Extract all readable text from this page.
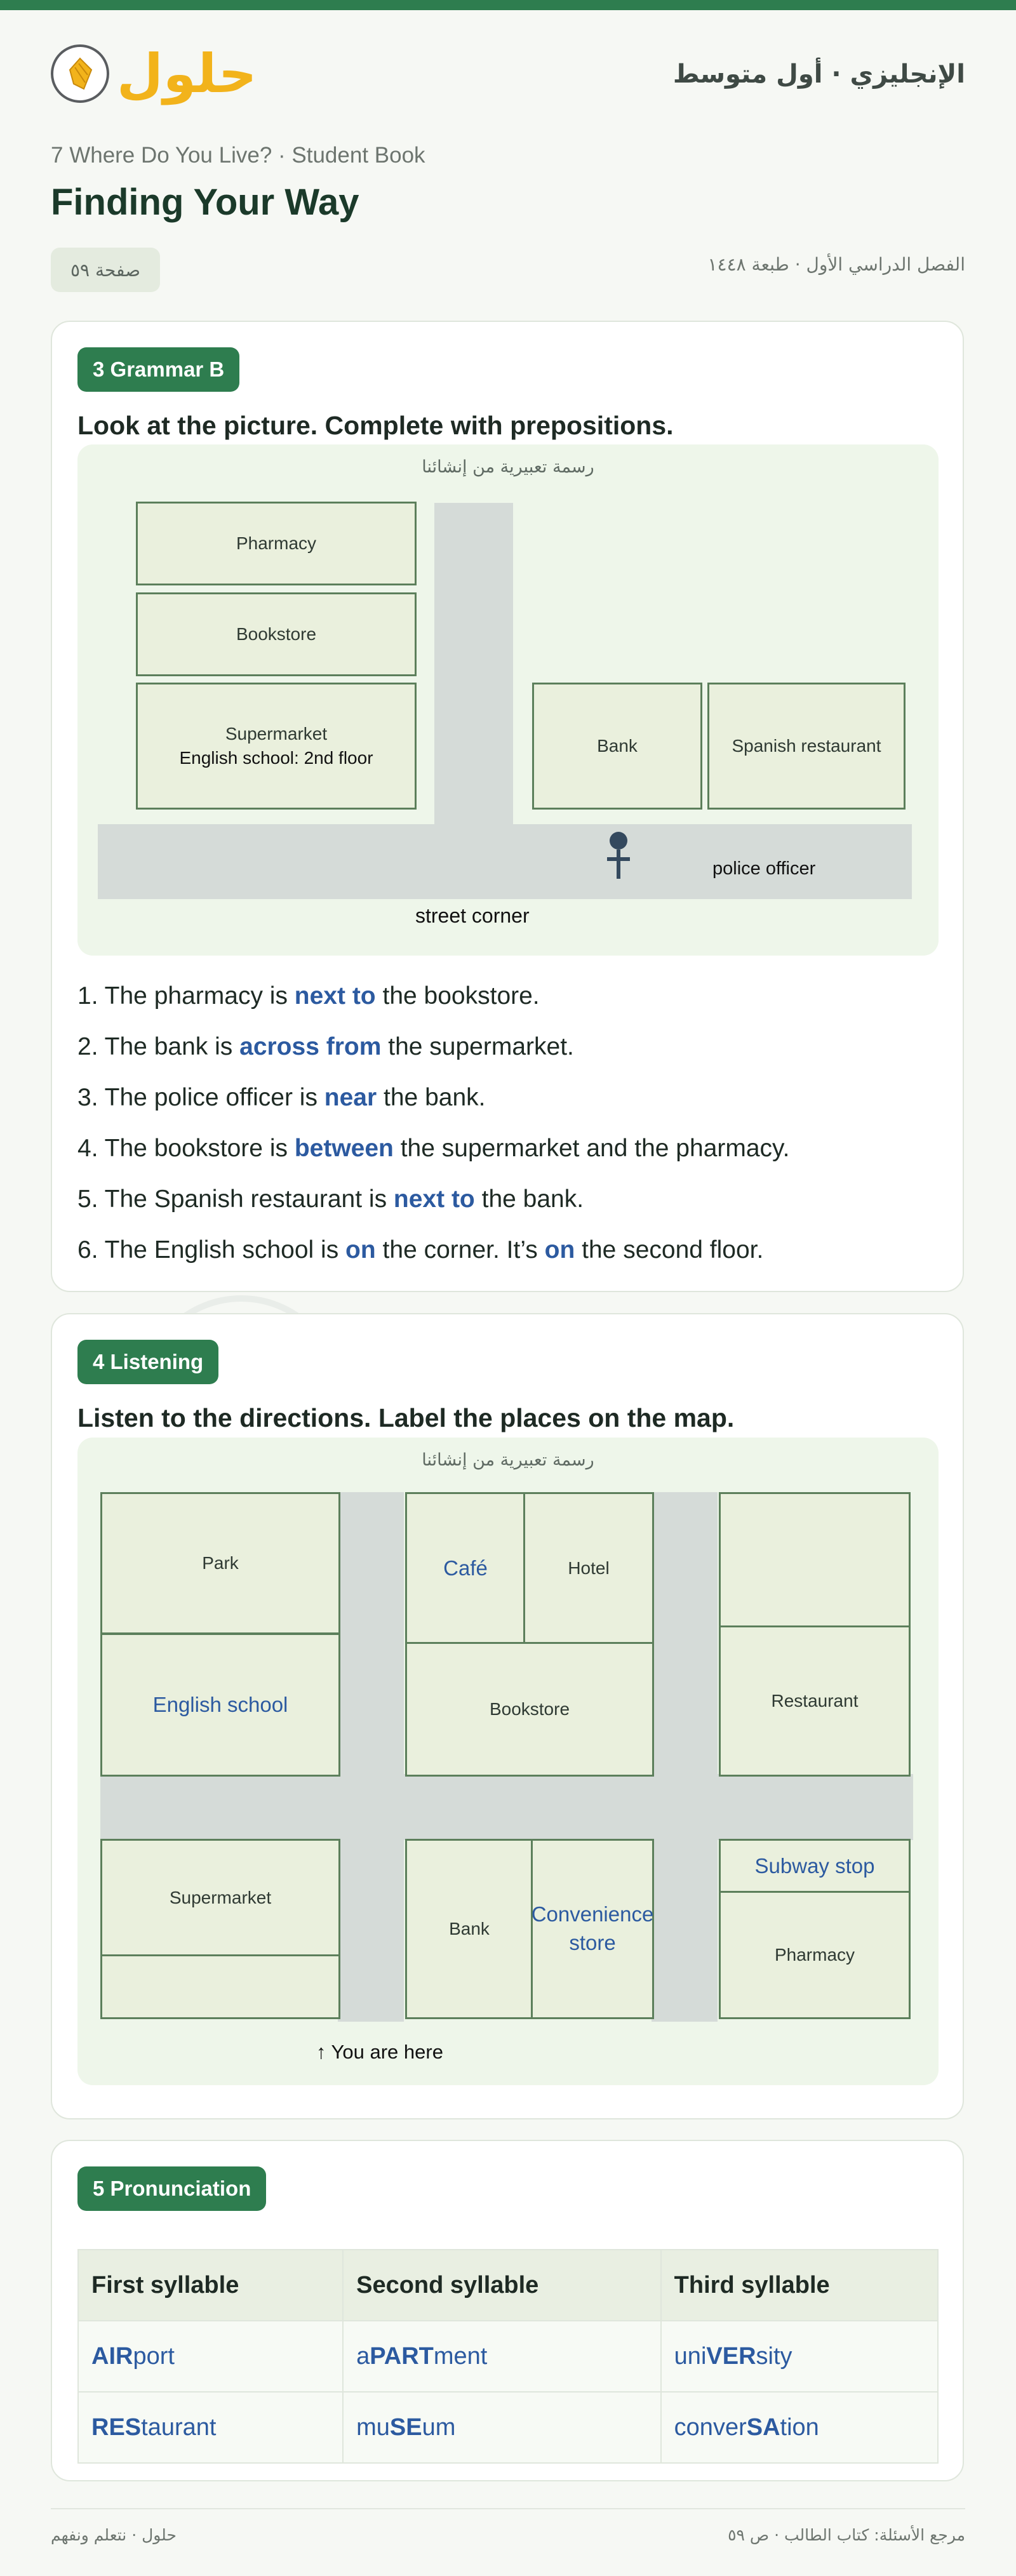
حلول	الإنجليزي · أول متوسط
7 Where Do You Live? · Student Book
Finding Your Way
صفحة ٥٩	الفصل الدراسي الأول · طبعة ١٤٤٨
3 Grammar B
Look at the picture. Complete with prepositions.
رسمة تعبيرية من إنشائنا
Pharmacy
Bookstore
Supermarket
English school: 2nd floor
Bank	Spanish restaurant
police officer
street corner
1. The pharmacy is next to the bookstore.
2. The bank is across from the supermarket.
3. The police officer is near the bank.
4. The bookstore is between the supermarket and the pharmacy.
5. The Spanish restaurant is next to the bank.
6. The English school is on the corner. It’s on the second floor.
4 Listening
Listen to the directions. Label the places on the map.
رسمة تعبيرية من إنشائنا
Park
English school
Café	Hotel
Bookstore	Restaurant
Supermarket
Bank
Convenience store
Subway stop
Pharmacy
↑ You are here
5 Pronunciation
First syllable	Second syllable	Third syllable
AIRport	aPARTment	uniVERsity
REStaurant	muSEum	converSAtion
حلول · نتعلم ونفهم	مرجع الأسئلة: كتاب الطالب · ص ٥٩
